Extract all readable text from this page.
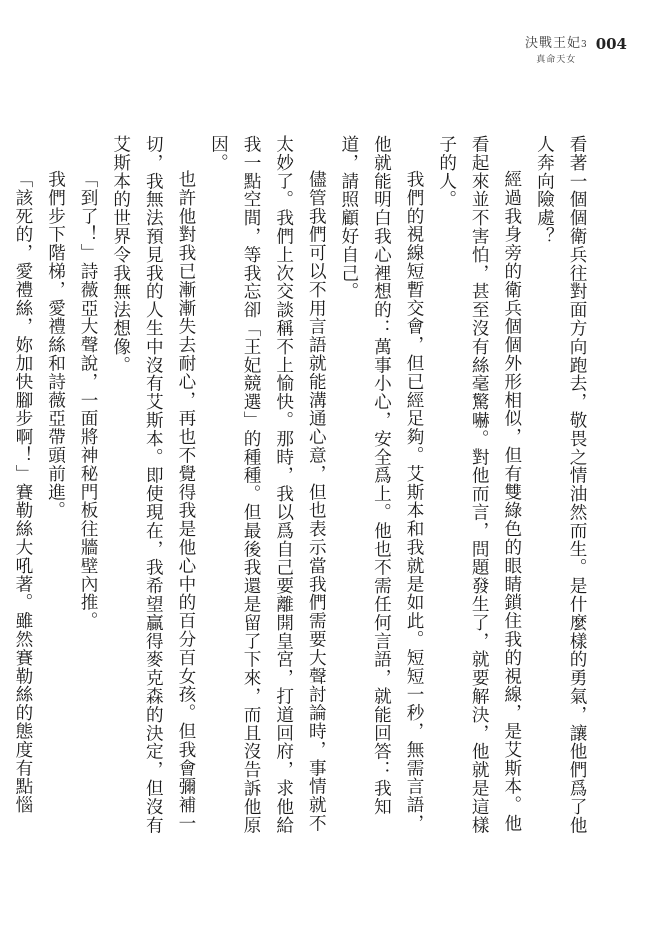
決戰王妃3
真命天女
004

看著一個個衛兵往對面方向跑去，敬畏之情油然而生。是什麼樣的勇氣，讓他們爲了他人奔向險處？

經過我身旁的衛兵個個外形相似，但有雙綠色的眼睛鎖住我的視線，是艾斯本。他看起來並不害怕，甚至沒有絲毫驚嚇。對他而言，問題發生了，就要解決，他就是這樣子的人。

我們的視線短暫交會，但已經足夠。艾斯本和我就是如此。短短一秒，無需言語，他就能明白我心裡想的：萬事小心，安全爲上。他也不需任何言語，就能回答：我知道，請照顧好自己。

儘管我們可以不用言語就能溝通心意，但也表示當我們需要大聲討論時，事情就不太妙了。我們上次交談稱不上愉快。那時，我以爲自己要離開皇宮，打道回府，求他給我一點空間，等我忘卻「王妃競選」的種種。但最後我還是留了下來，而且沒告訴他原因。

也許他對我已漸漸失去耐心，再也不覺得我是他心中的百分百女孩。但我會彌補一切，我無法預見我的人生中沒有艾斯本。即使現在，我希望贏得麥克森的決定，但沒有艾斯本的世界令我無法想像。

「到了！」詩薇亞大聲說，一面將神秘門板往牆壁內推。

我們步下階梯，愛禮絲和詩薇亞帶頭前進。

「該死的，愛禮絲，妳加快腳步啊！」賽勒絲大吼著。雖然賽勒絲的態度有點惱
